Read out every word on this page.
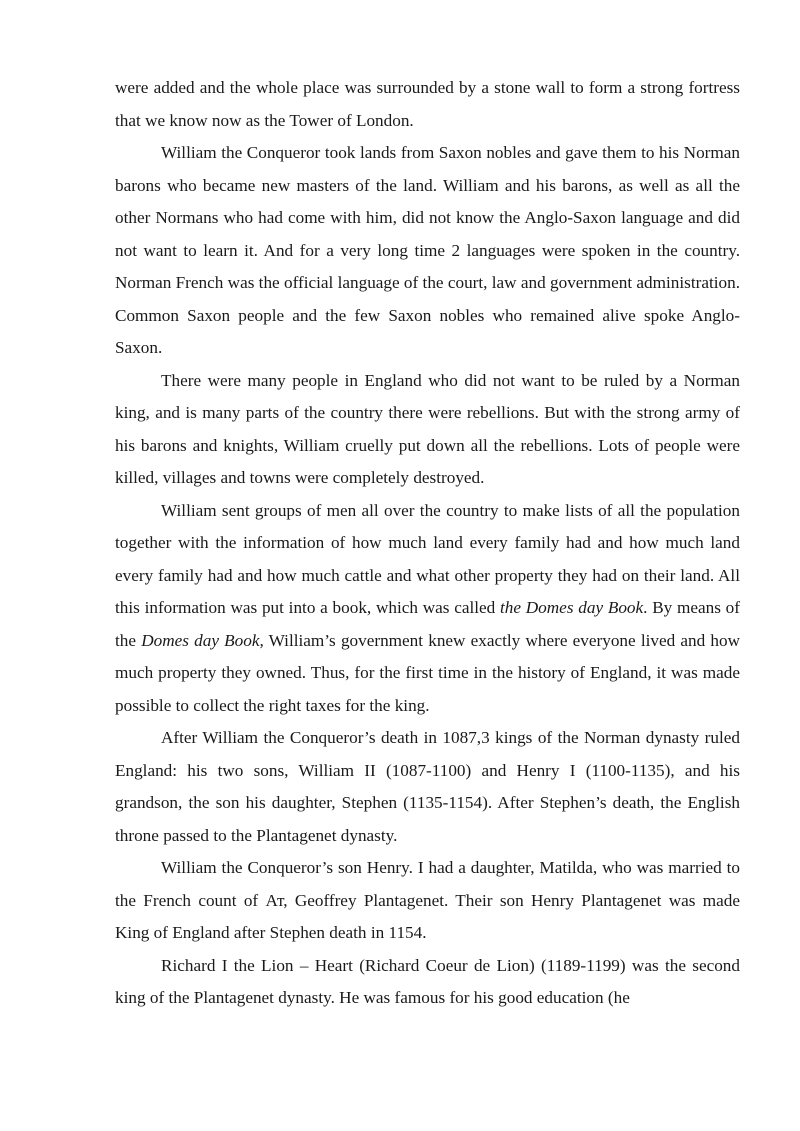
were added and the whole place was surrounded by a stone wall to form a strong fortress that we know now as the Tower of London.

William the Conqueror took lands from Saxon nobles and gave them to his Norman barons who became new masters of the land. William and his barons, as well as all the other Normans who had come with him, did not know the Anglo-Saxon language and did not want to learn it. And for a very long time 2 languages were spoken in the country. Norman French was the official language of the court, law and government administration. Common Saxon people and the few Saxon nobles who remained alive spoke Anglo-Saxon.

There were many people in England who did not want to be ruled by a Norman king, and is many parts of the country there were rebellions. But with the strong army of his barons and knights, William cruelly put down all the rebellions. Lots of people were killed, villages and towns were completely destroyed.

William sent groups of men all over the country to make lists of all the population together with the information of how much land every family had and how much land every family had and how much cattle and what other property they had on their land. All this information was put into a book, which was called the Domes day Book. By means of the Domes day Book, William’s government knew exactly where everyone lived and how much property they owned. Thus, for the first time in the history of England, it was made possible to collect the right taxes for the king.

After William the Conqueror’s death in 1087,3 kings of the Norman dynasty ruled England: his two sons, William II (1087-1100) and Henry I (1100-1135), and his grandson, the son his daughter, Stephen (1135-1154). After Stephen’s death, the English throne passed to the Plantagenet dynasty.

William the Conqueror’s son Henry. I had a daughter, Matilda, who was married to the French count of Ат, Geoffrey Plantagenet. Their son Henry Plantagenet was made King of England after Stephen death in 1154.

Richard I the Lion – Heart (Richard Coeur de Lion) (1189-1199) was the second king of the Plantagenet dynasty. He was famous for his good education (he
